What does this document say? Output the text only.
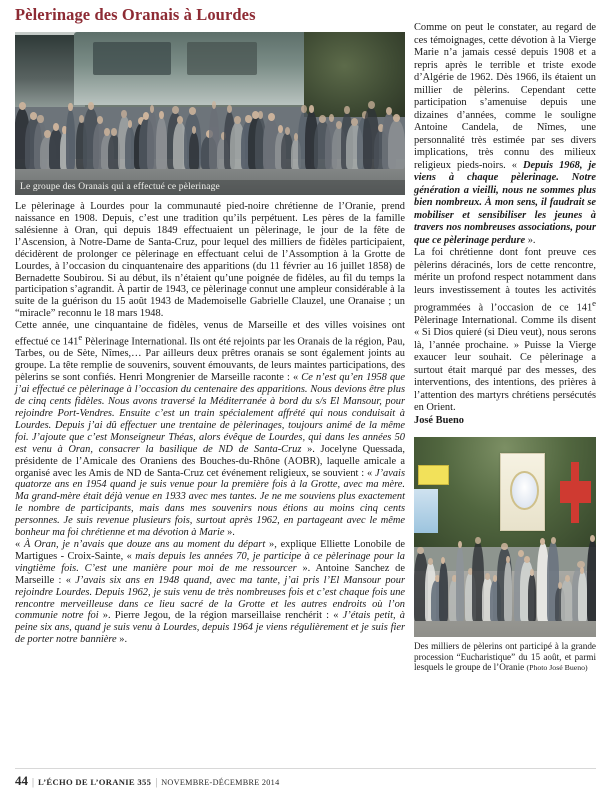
Pèlerinage des Oranais à Lourdes
Le groupe des Oranais qui a effectué ce pèlerinage

Le pèlerinage à Lourdes pour la communauté pied-noire chrétienne de l’Oranie, prend naissance en 1908. Depuis, c’est une tradition qu’ils perpétuent. Les pères de la famille salésienne à Oran, qui depuis 1849 effectuaient un pèlerinage, le jour de la fête de l’Ascension, à Notre-Dame de Santa-Cruz, pour lequel des milliers de fidèles participaient, décidèrent de prolonger ce pèlerinage en effectuant celui de l’Assomption à la Grotte de Lourdes, à l’occasion du cinquantenaire des apparitions (du 11 février au 16 juillet 1858) de Bernadette Soubirou. Si au début, ils n’étaient qu’une poignée de fidèles, au fil du temps la participation s’agrandit. À partir de 1943, ce pèlerinage connut une ampleur considérable à la suite de la guérison du 15 août 1943 de Mademoiselle Gabrielle Clauzel, une Oranaise ; un “miracle” reconnu le 18 mars 1948.

Cette année, une cinquantaine de fidèles, venus de Marseille et des villes voisines ont effectué ce 141e Pèlerinage International. Ils ont été rejoints par les Oranais de la région, Pau, Tarbes, ou de Sète, Nîmes,… Par ailleurs deux prêtres oranais se sont également joints au groupe. La tête remplie de souvenirs, souvent émouvants, de leurs maintes participations, des pèlerins se sont confiés. Henri Mongrenier de Marseille raconte : « Ce n’est qu’en 1958 que j’ai effectué ce pèlerinage à l’occasion du centenaire des apparitions. Nous devions être plus de cinq cents fidèles. Nous avons traversé la Méditerranée à bord du s/s El Mansour, pour rejoindre Port-Vendres. Ensuite c’est un train spécialement affrété qui nous conduisait à Lourdes. Depuis j’ai dû effectuer une trentaine de pèlerinages, toujours animé de la même foi. J’ajoute que c’est Monseigneur Théas, alors évêque de Lourdes, qui dans les années 50 est venu à Oran, consacrer la basilique de ND de Santa-Cruz ». Jocelyne Quessada, présidente de l’Amicale des Oraniens des Bouches-du-Rhône (AOBR), laquelle amicale a organisé avec les Amis de ND de Santa-Cruz cet événement religieux, se souvient : « J’avais quatorze ans en 1954 quand je suis venue pour la première fois à la Grotte, avec ma mère. Ma grand-mère était déjà venue en 1933 avec mes tantes. Je ne me souviens plus exactement le nombre de participants, mais dans mes souvenirs nous étions au moins cinq cents personnes. Je suis revenue plusieurs fois, surtout après 1962, en partageant avec le même bonheur ma foi chrétienne et ma dévotion à Marie ».

« À Oran, je n’avais que douze ans au moment du départ », explique Elliette Lonobile de Martigues - Croix-Sainte, « mais depuis les années 70, je participe à ce pèlerinage pour la vingtième fois. C’est une manière pour moi de me ressourcer ». Antoine Sanchez de Marseille : « J’avais six ans en 1948 quand, avec ma tante, j’ai pris l’El Mansour pour rejoindre Lourdes. Depuis 1962, je suis venu de très nombreuses fois et c’est chaque fois une rencontre merveilleuse dans ce lieu sacré de la Grotte et les autres endroits où l’on communie notre foi ». Pierre Jegou, de la région marseillaise renchérit : « J’étais petit, à peine six ans, quand je suis venu à Lourdes, depuis 1964 je viens régulièrement et je suis fier de porter notre bannière ».

Comme on peut le constater, au regard de ces témoignages, cette dévotion à la Vierge Marie n’a jamais cessé depuis 1908 et a repris après le terrible et triste exode d’Algérie de 1962. Dès 1966, ils étaient un millier de pèlerins. Cependant cette participation s’amenuise depuis une dizaines d’années, comme le souligne Antoine Candela, de Nîmes, une personnalité très estimée par ses divers implications, très connu des milieux religieux pieds-noirs. « Depuis 1968, je viens à chaque pèlerinage. Notre génération a vieilli, nous ne sommes plus bien nombreux. À mon sens, il faudrait se mobiliser et sensibiliser les jeunes à travers nos nombreuses associations, pour que ce pèlerinage perdure ».

La foi chrétienne dont font preuve ces pèlerins déracinés, lors de cette rencontre, mérite un profond respect notamment dans leurs investissement à toutes les activités programmées à l’occasion de ce 141e Pèlerinage International. Comme ils disent « Si Dios quieré (si Dieu veut), nous serons là, l’année prochaine. » Puisse la Vierge exaucer leur souhait. Ce pèlerinage a surtout était marqué par des messes, des interventions, des intentions, des prières à l’attention des martyrs chrétiens persécutés en Orient.

José Bueno

Des milliers de pèlerins ont participé à la grande procession “Eucharistique” du 15 août, et parmi lesquels le groupe de l’Oranie (Photo José Bueno)
44 | L’ÉCHO DE L’ORANIE 355 | NOVEMBRE-DÉCEMBRE 2014
